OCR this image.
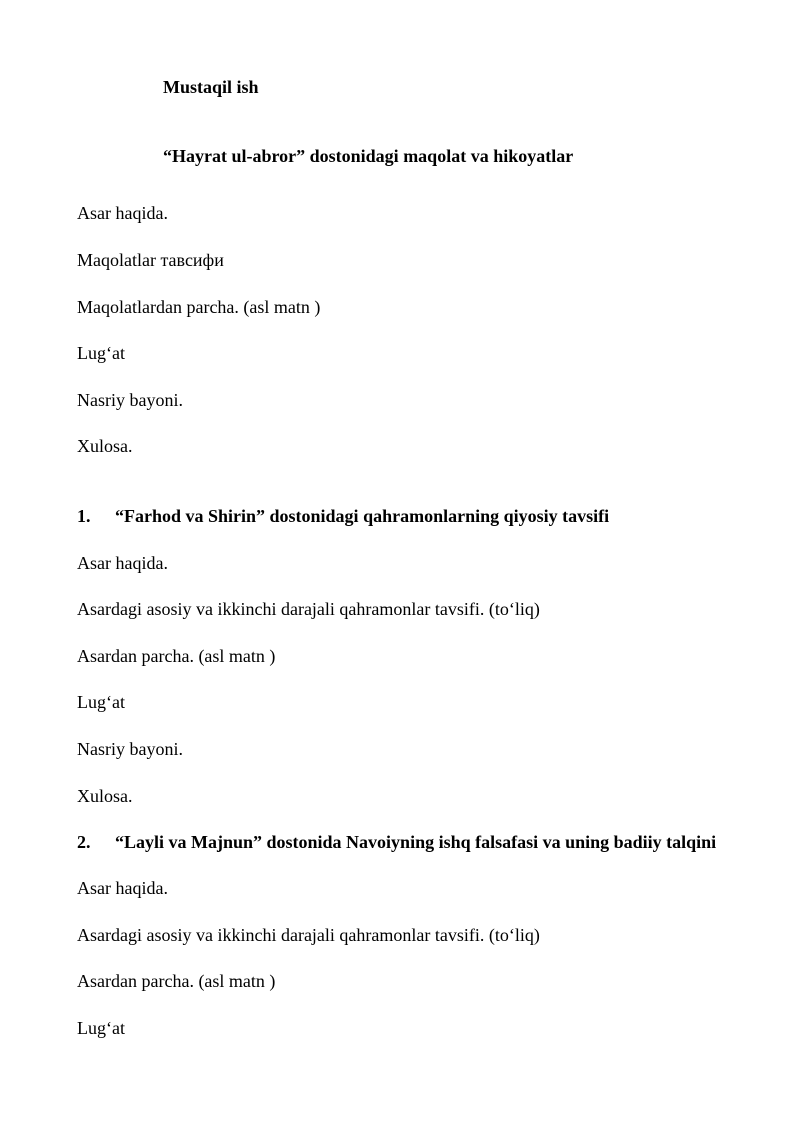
Mustaqil ish
“Hayrat ul-abror” dostonidagi maqolat va hikoyatlar
Asar haqida.
Maqolatlar тавсифи
Maqolatlardan parcha. (asl matn )
Lug‘at
Nasriy bayoni.
Xulosa.
1. “Farhod va Shirin” dostonidagi qahramonlarning qiyosiy tavsifi
Asar haqida.
Asardagi asosiy va ikkinchi darajali qahramonlar tavsifi. (to‘liq)
Asardan parcha. (asl matn )
Lug‘at
Nasriy bayoni.
Xulosa.
2. “Layli va Majnun” dostonida Navoiyning ishq falsafasi va uning badiiy talqini
Asar haqida.
Asardagi asosiy va ikkinchi darajali qahramonlar tavsifi. (to‘liq)
Asardan parcha. (asl matn )
Lug‘at
